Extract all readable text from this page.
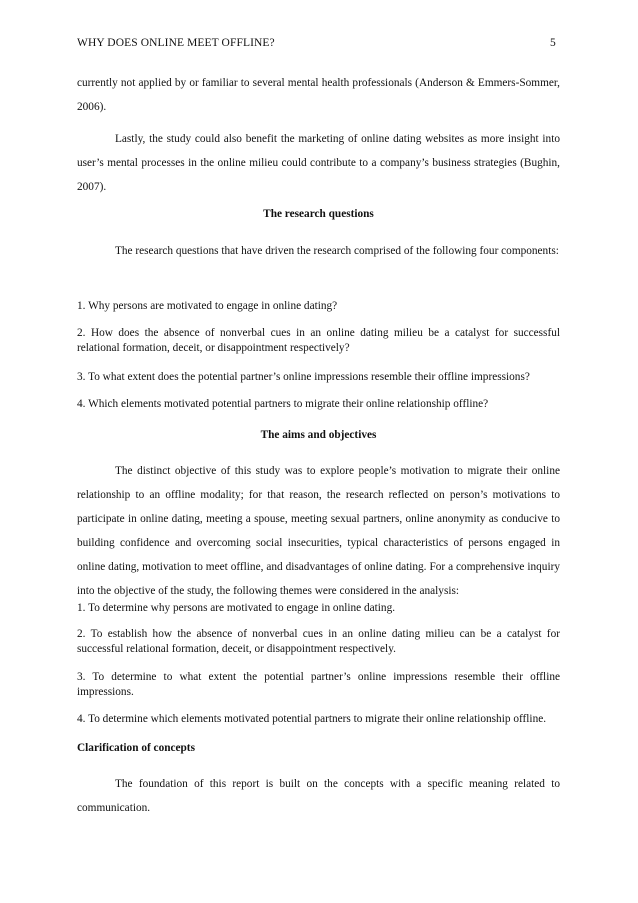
WHY DOES ONLINE MEET OFFLINE?	5

currently not applied by or familiar to several mental health professionals (Anderson & Emmers-Sommer, 2006).

Lastly, the study could also benefit the marketing of online dating websites as more insight into user’s mental processes in the online milieu could contribute to a company’s business strategies (Bughin, 2007).

The research questions

The research questions that have driven the research comprised of the following four components:

1. Why persons are motivated to engage in online dating?

2. How does the absence of nonverbal cues in an online dating milieu be a catalyst for successful relational formation, deceit, or disappointment respectively?

3. To what extent does the potential partner’s online impressions resemble their offline impressions?

4. Which elements motivated potential partners to migrate their online relationship offline?

The aims and objectives

The distinct objective of this study was to explore people’s motivation to migrate their online relationship to an offline modality; for that reason, the research reflected on person’s motivations to participate in online dating, meeting a spouse, meeting sexual partners, online anonymity as conducive to building confidence and overcoming social insecurities, typical characteristics of persons engaged in online dating, motivation to meet offline, and disadvantages of online dating. For a comprehensive inquiry into the objective of the study, the following themes were considered in the analysis:

1. To determine why persons are motivated to engage in online dating.

2. To establish how the absence of nonverbal cues in an online dating milieu can be a catalyst for successful relational formation, deceit, or disappointment respectively.

3. To determine to what extent the potential partner’s online impressions resemble their offline impressions.

4. To determine which elements motivated potential partners to migrate their online relationship offline.

Clarification of concepts

The foundation of this report is built on the concepts with a specific meaning related to communication.
